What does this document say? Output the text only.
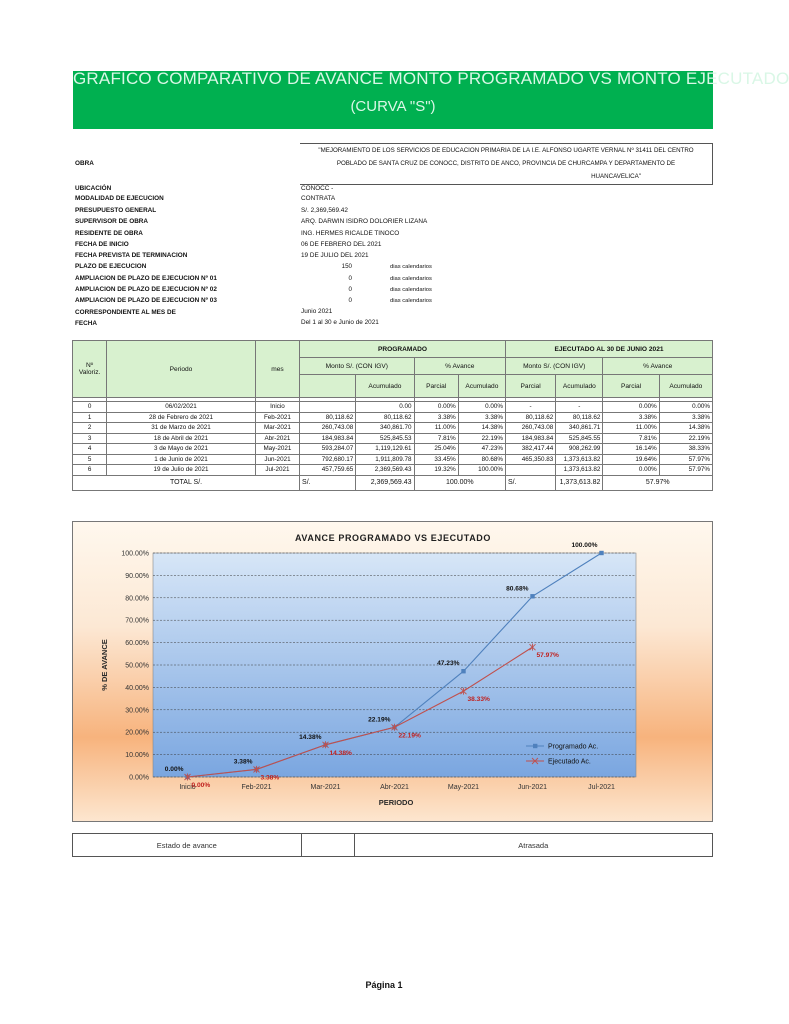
GRAFICO COMPARATIVO DE AVANCE MONTO PROGRAMADO VS MONTO EJECUTADO
(CURVA "S")
OBRA
"MEJORAMIENTO DE LOS SERVICIOS DE EDUCACION PRIMARIA DE LA I.E. ALFONSO UGARTE VERNAL Nº 31411 DEL CENTRO
POBLADO DE SANTA CRUZ DE CONOCC, DISTRITO DE ANCO, PROVINCIA DE CHURCAMPA Y DEPARTAMENTO DE
HUANCAVELICA"
UBICACIÓN	CONOCC -
MODALIDAD DE EJECUCION	CONTRATA
PRESUPUESTO GENERAL	S/. 2,369,569.42
SUPERVISOR DE OBRA	ARQ. DARWIN ISIDRO DOLORIER LIZANA
RESIDENTE DE OBRA	ING. HERMES RICALDE TINOCO
FECHA DE INICIO	06 DE FEBRERO DEL 2021
FECHA PREVISTA DE TERMINACION	19 DE JULIO DEL 2021
PLAZO DE EJECUCION	150	dias calendarios
AMPLIACION DE PLAZO DE EJECUCION Nº 01	0	dias calendarios
AMPLIACION DE PLAZO DE EJECUCION Nº 02	0	dias calendarios
AMPLIACION DE PLAZO DE EJECUCION Nº 03	0	dias calendarios
CORRESPONDIENTE AL MES DE	Junio 2021
FECHA	Del 1 al 30 e Junio de 2021
Nº
Valoriz.	Periodo	mes	PROGRAMADO				EJECUTADO AL 30 DE JUNIO 2021			
			Monto S/. (CON IGV)		% Avance		Monto S/. (CON IGV)		% Avance	
				Acumulado	Parcial	Acumulado	Parcial	Acumulado	Parcial	Acumulado

0	06/02/2021	Inicio		0.00	0.00%	0.00%	-	-	0.00%	0.00%
1	28 de Febrero de 2021	Feb-2021	80,118.62	80,118.62	3.38%	3.38%	80,118.62	80,118.62	3.38%	3.38%
2	31 de Marzo de 2021	Mar-2021	260,743.08	340,861.70	11.00%	14.38%	260,743.08	340,861.71	11.00%	14.38%
3	18 de Abril de 2021	Abr-2021	184,983.84	525,845.53	7.81%	22.19%	184,983.84	525,845.55	7.81%	22.19%
4	3 de Mayo de 2021	May-2021	593,284.07	1,119,129.61	25.04%	47.23%	382,417.44	908,262.99	16.14%	38.33%
5	1 de Junio de 2021	Jun-2021	792,680.17	1,911,809.78	33.45%	80.68%	465,350.83	1,373,613.82	19.64%	57.97%
6	19 de Julio de 2021	Jul-2021	457,759.65	2,369,569.43	19.32%	100.00%		1,373,613.82	0.00%	57.97%
TOTAL S/.			S/.	2,369,569.43	100.00%		S/.	1,373,613.82	57.97%	
AVANCE PROGRAMADO VS EJECUTADO
0.00%
10.00%
20.00%
30.00%
40.00%
50.00%
60.00%
70.00%
80.00%
90.00%
100.00%
Inicio	Feb-2021	Mar-2021	Abr-2021	May-2021	Jun-2021	Jul-2021
0.00%
3.38%
14.38%
22.19%
47.23%
80.68%
100.00%
0.00%
3.38%
14.38%
22.19%
38.33%
57.97%
% DE AVANCE
PERIODO
Programado Ac.
Ejecutado Ac.
Estado de avance		Atrasada
Página 1
